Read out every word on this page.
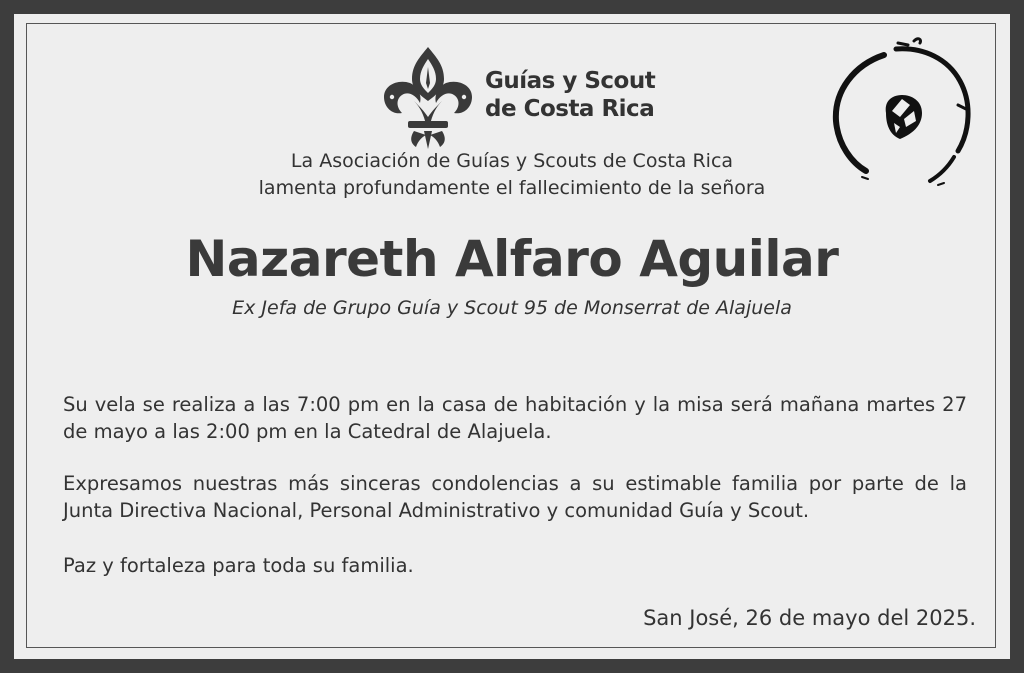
Guías y Scout
de Costa Rica
La Asociación de Guías y Scouts de Costa Rica
lamenta profundamente el fallecimiento de la señora
Nazareth Alfaro Aguilar
Ex Jefa de Grupo Guía y Scout 95 de Monserrat de Alajuela
Su vela se realiza a las 7:00 pm en la casa de habitación y la misa será mañana martes 27 de mayo a las 2:00 pm en la Catedral de Alajuela.
Expresamos nuestras más sinceras condolencias a su estimable familia por parte de la Junta Directiva Nacional, Personal Administrativo y comunidad Guía y Scout.
Paz y fortaleza para toda su familia.
San José, 26 de mayo del 2025.
